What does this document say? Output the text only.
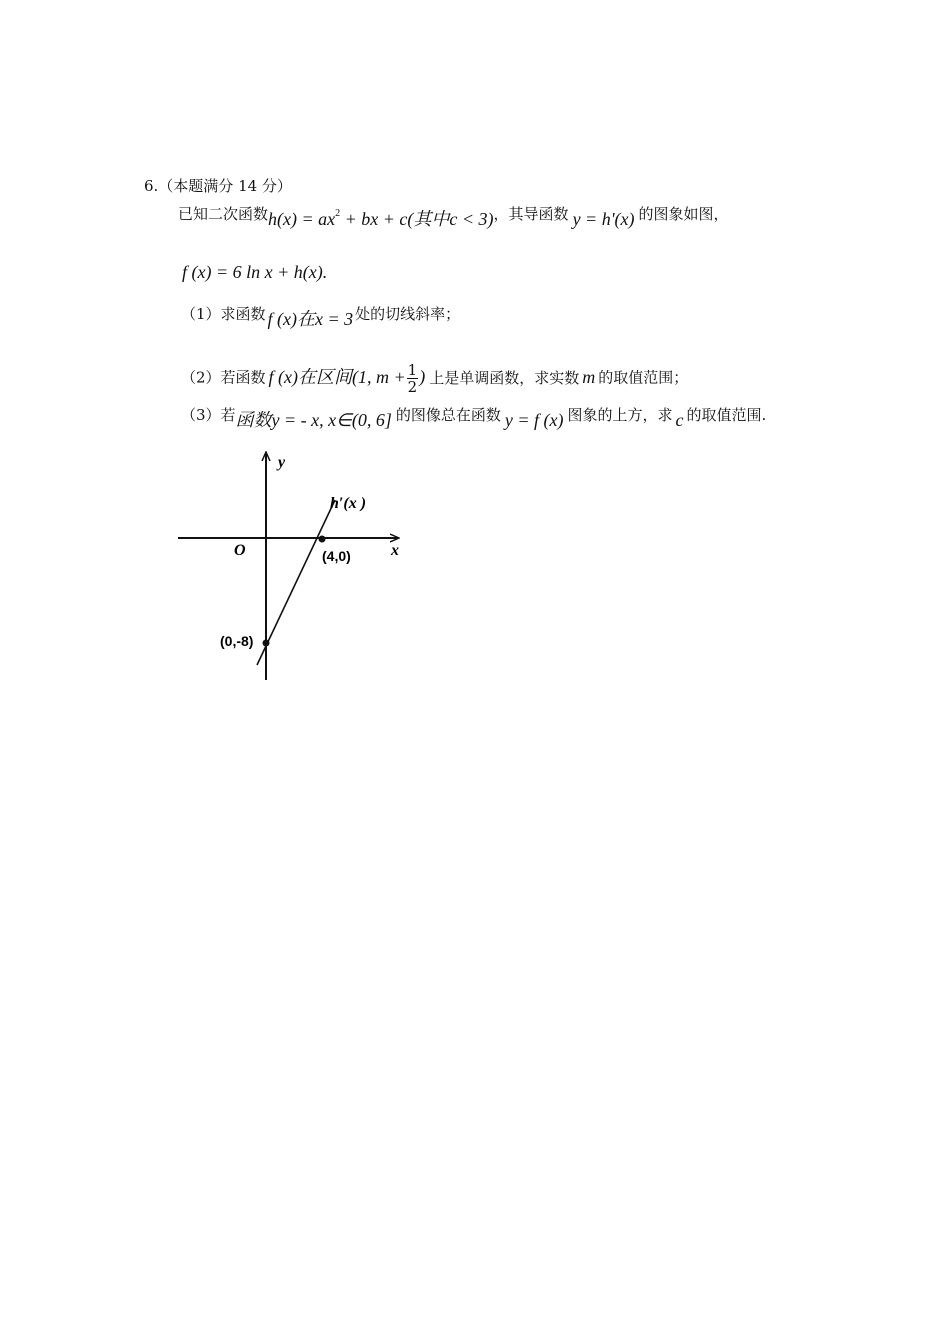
6.（本题满分 14 分）
已知二次函数$h(x) = ax^2$ + bx + c(其中c < 3)，其导函数 y = h'(x) 的图象如图，
f (x) = 6 ln x + h(x).
（1）求函数 f (x)在x = 3 处的切线斜率；
（2）若函数 f (x)在区间(1, $m + \frac{1}{2}$ ) 上是单调函数，求实数 m 的取值范围；
（3）若函数y = - x, x∈(0, 6] 的图像总在函数 y = f (x) 图象的上方，求 c 的取值范围.
y
x
O
h′(x )
(4,0)
(0,-8)
